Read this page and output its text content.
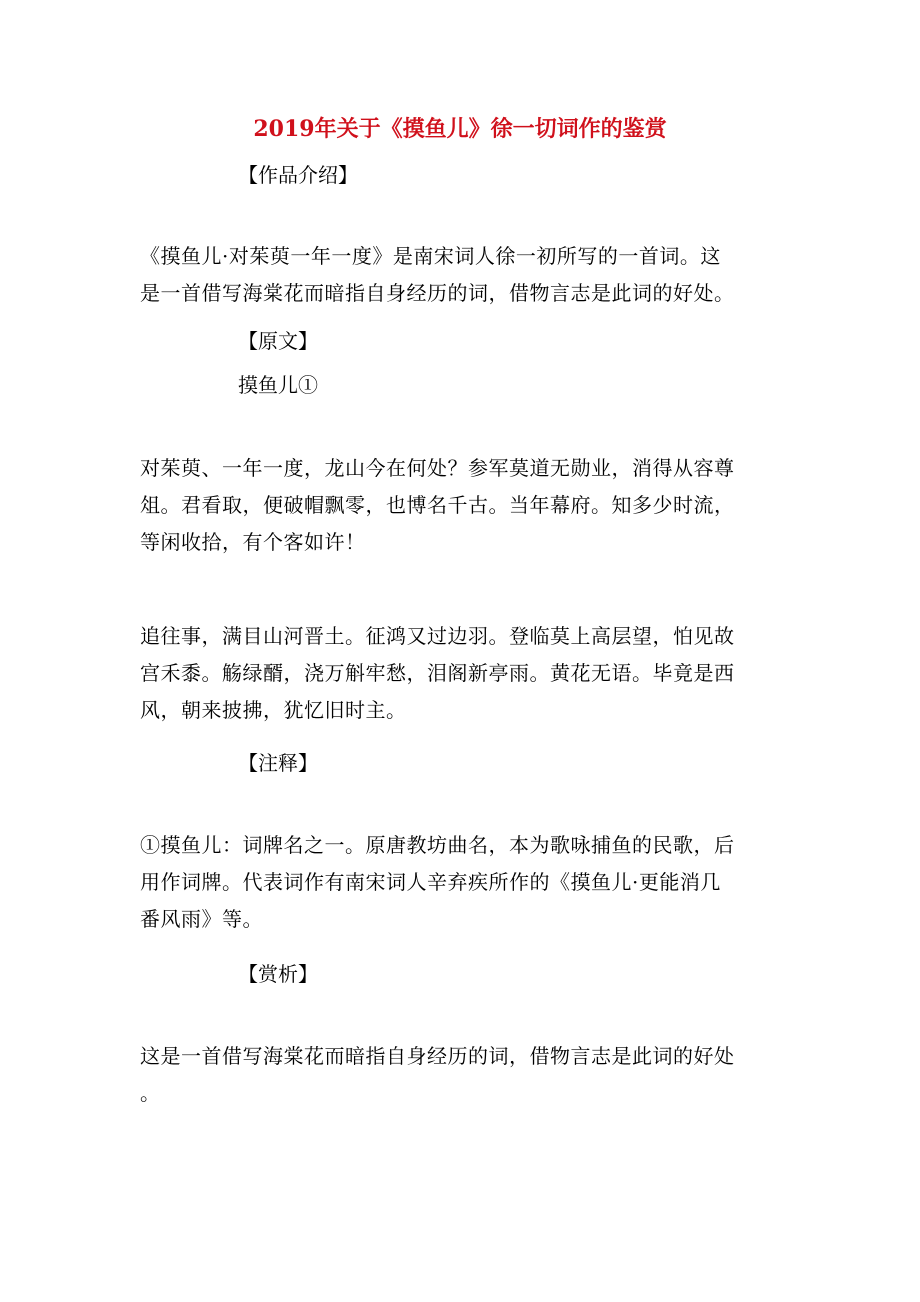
2019年关于《摸鱼儿》徐一切词作的鉴赏
【作品介绍】

《摸鱼儿·对茱萸一年一度》是南宋词人徐一初所写的一首词。这
是一首借写海棠花而暗指自身经历的词，借物言志是此词的好处。

【原文】
摸鱼儿①

对茱萸、一年一度，龙山今在何处？参军莫道无勋业，消得从容尊
俎。君看取，便破帽飘零，也博名千古。当年幕府。知多少时流，
等闲收拾，有个客如许！

追往事，满目山河晋土。征鸿又过边羽。登临莫上高层望，怕见故
宫禾黍。觞绿醑，浇万斛牢愁，泪阁新亭雨。黄花无语。毕竟是西
风，朝来披拂，犹忆旧时主。

【注释】

①摸鱼儿：词牌名之一。原唐教坊曲名，本为歌咏捕鱼的民歌，后
用作词牌。代表词作有南宋词人辛弃疾所作的《摸鱼儿·更能消几
番风雨》等。

【赏析】

这是一首借写海棠花而暗指自身经历的词，借物言志是此词的好处
。
